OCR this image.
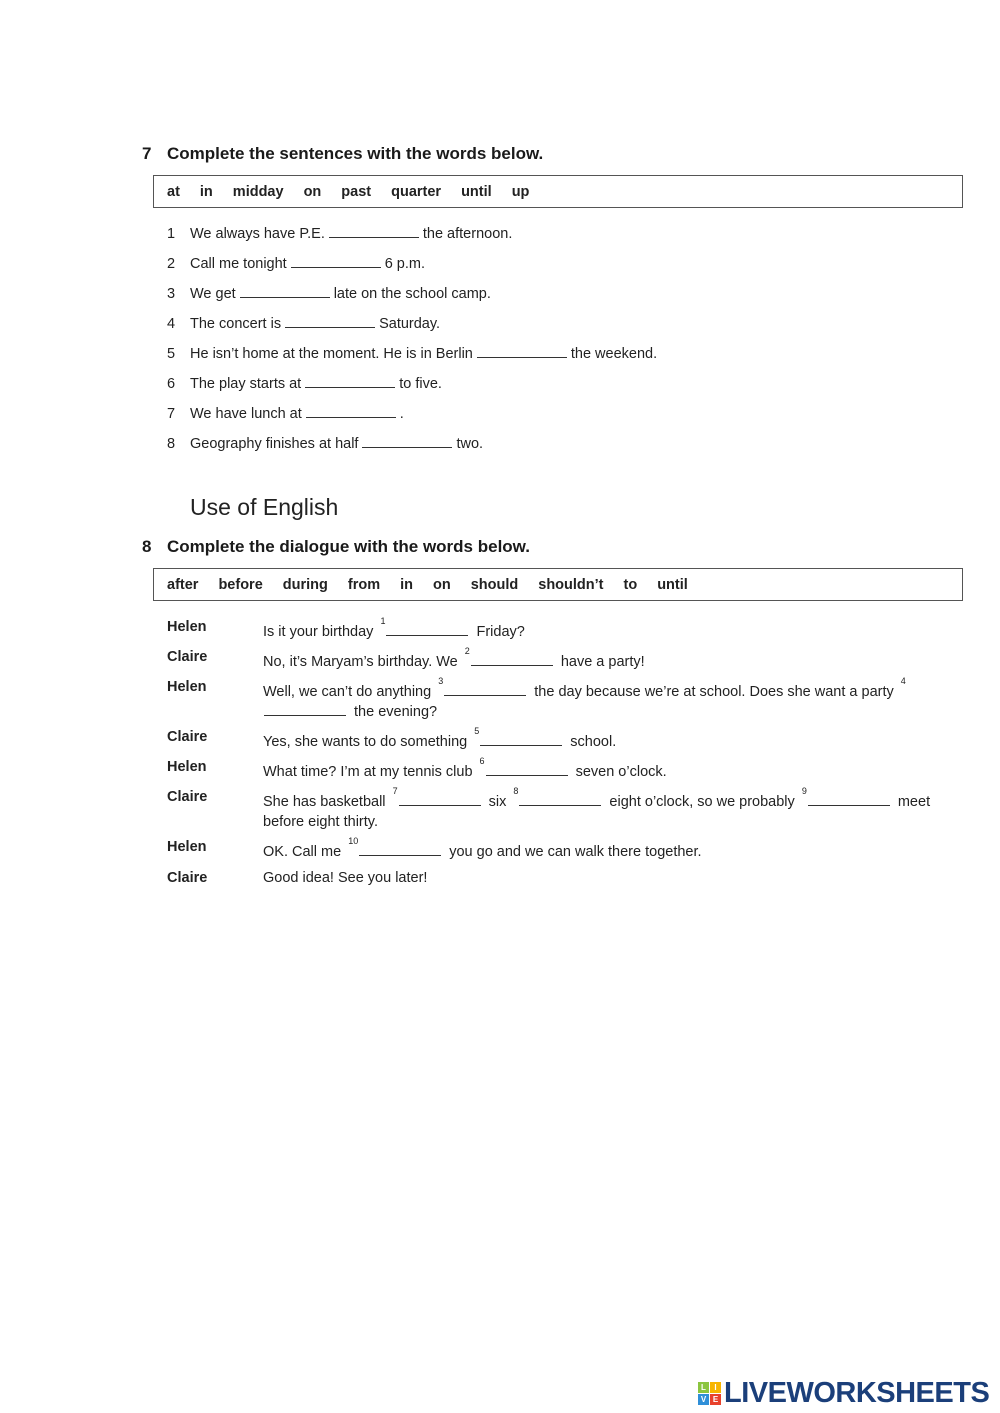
7 Complete the sentences with the words below.
at in midday on past quarter until up
1 We always have P.E.	the afternoon.
2 Call me tonight	6 p.m.
3 We get	late on the school camp.
4 The concert is	Saturday.
5 He isn’t home at the moment. He is in Berlin	the weekend.
6 The play starts at	to five.
7 We have lunch at	.
8 Geography finishes at half	two.
Use of English
8 Complete the dialogue with the words below.
after before during from in on should shouldn’t to until
Helen	Is it your birthday $^1$ Friday?
Claire	No, it’s Maryam’s birthday. We $^2$ have a party!
Helen	Well, we can’t do anything $^3$ the day because we’re at school. Does she want a party $^4$ the evening?
Claire	Yes, she wants to do something $^5$ school.
Helen	What time? I’m at my tennis club $^6$ seven o’clock.
Claire	She has basketball $^7$ six $^8$ eight o’clock, so we probably $^9$ meet before eight thirty.
Helen	OK. Call me $^{10}$ you go and we can walk there together.
Claire	Good idea! See you later!
L	I
V E LIVEWORKSHEETS
